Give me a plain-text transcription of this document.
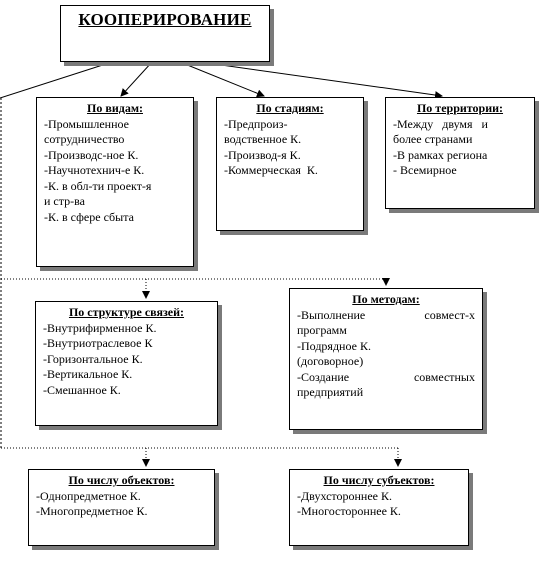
КООПЕРИРОВАНИЕ
По видам:
-Промышленное
сотрудничество
-Производс-ное К.
-Научнотехнич-е К.
-К. в обл-ти проект-я
и стр-ва
-К. в сфере сбыта
По стадиям:
-Предпроиз-
водственное К.
-Производ-я К.
-Коммерческая  К.
По территории:
-Между   двумя   и
более странами
-В рамках региона
- Всемирное
По структуре связей:
-Внутрифирменное К.
-Внутриотраслевое К
-Горизонтальное К.
-Вертикальное К.
-Смешанное К.
По методам:
-Выполнение совмест-х
программ
-Подрядное К.
(договорное)
-Создание совместных
предприятий
По числу объектов:
-Однопредметное К.
-Многопредметное К.
По числу субъектов:
-Двухстороннее К.
-Многостороннее К.
